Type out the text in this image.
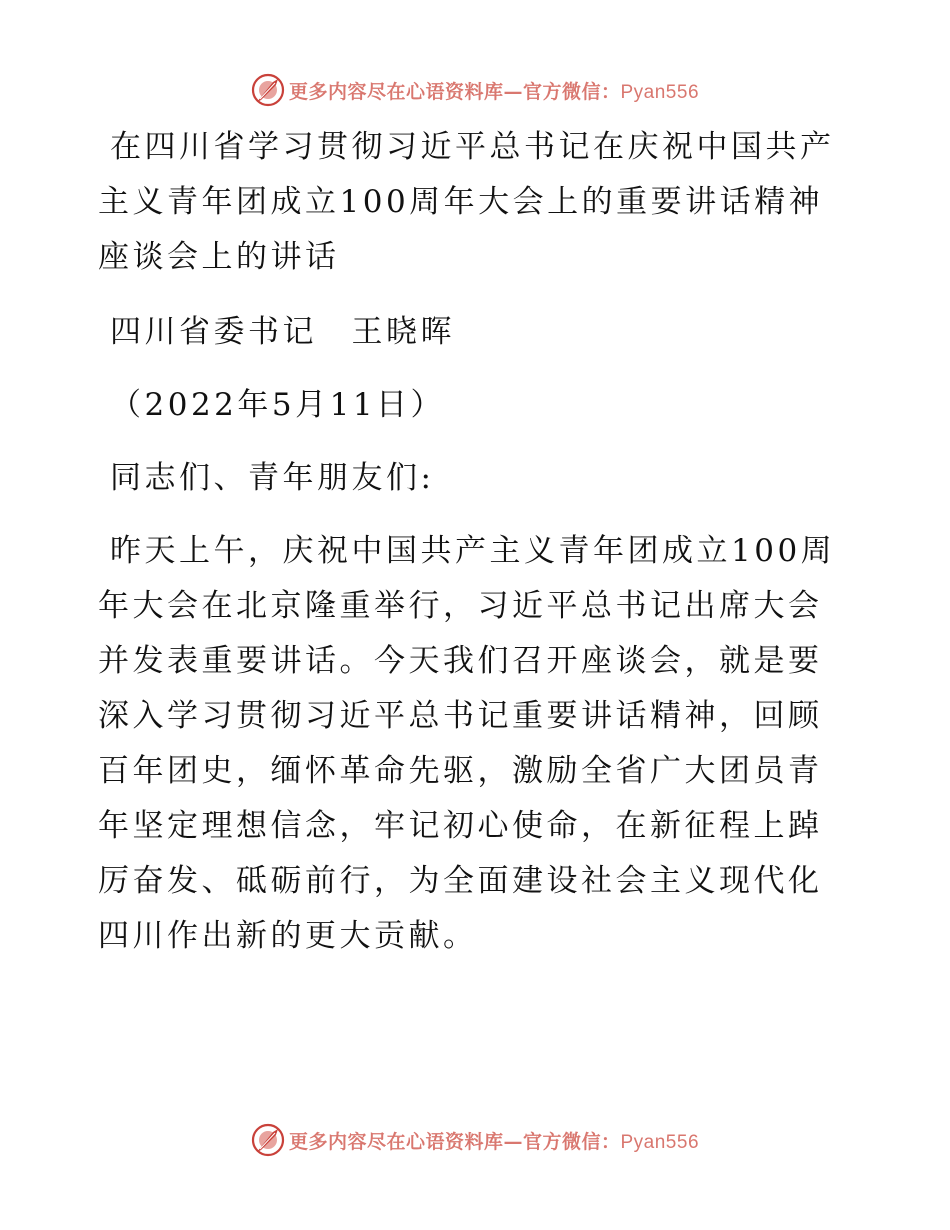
更多内容尽在心语资料库—官方微信：Pyan556

在四川省学习贯彻习近平总书记在庆祝中国共产主义青年团成立100周年大会上的重要讲话精神座谈会上的讲话

四川省委书记　王晓晖

（2022年5月11日）

同志们、青年朋友们:

昨天上午，庆祝中国共产主义青年团成立100周年大会在北京隆重举行，习近平总书记出席大会并发表重要讲话。今天我们召开座谈会，就是要深入学习贯彻习近平总书记重要讲话精神，回顾百年团史，缅怀革命先驱，激励全省广大团员青年坚定理想信念，牢记初心使命，在新征程上踔厉奋发、砥砺前行，为全面建设社会主义现代化四川作出新的更大贡献。

更多内容尽在心语资料库—官方微信：Pyan556
